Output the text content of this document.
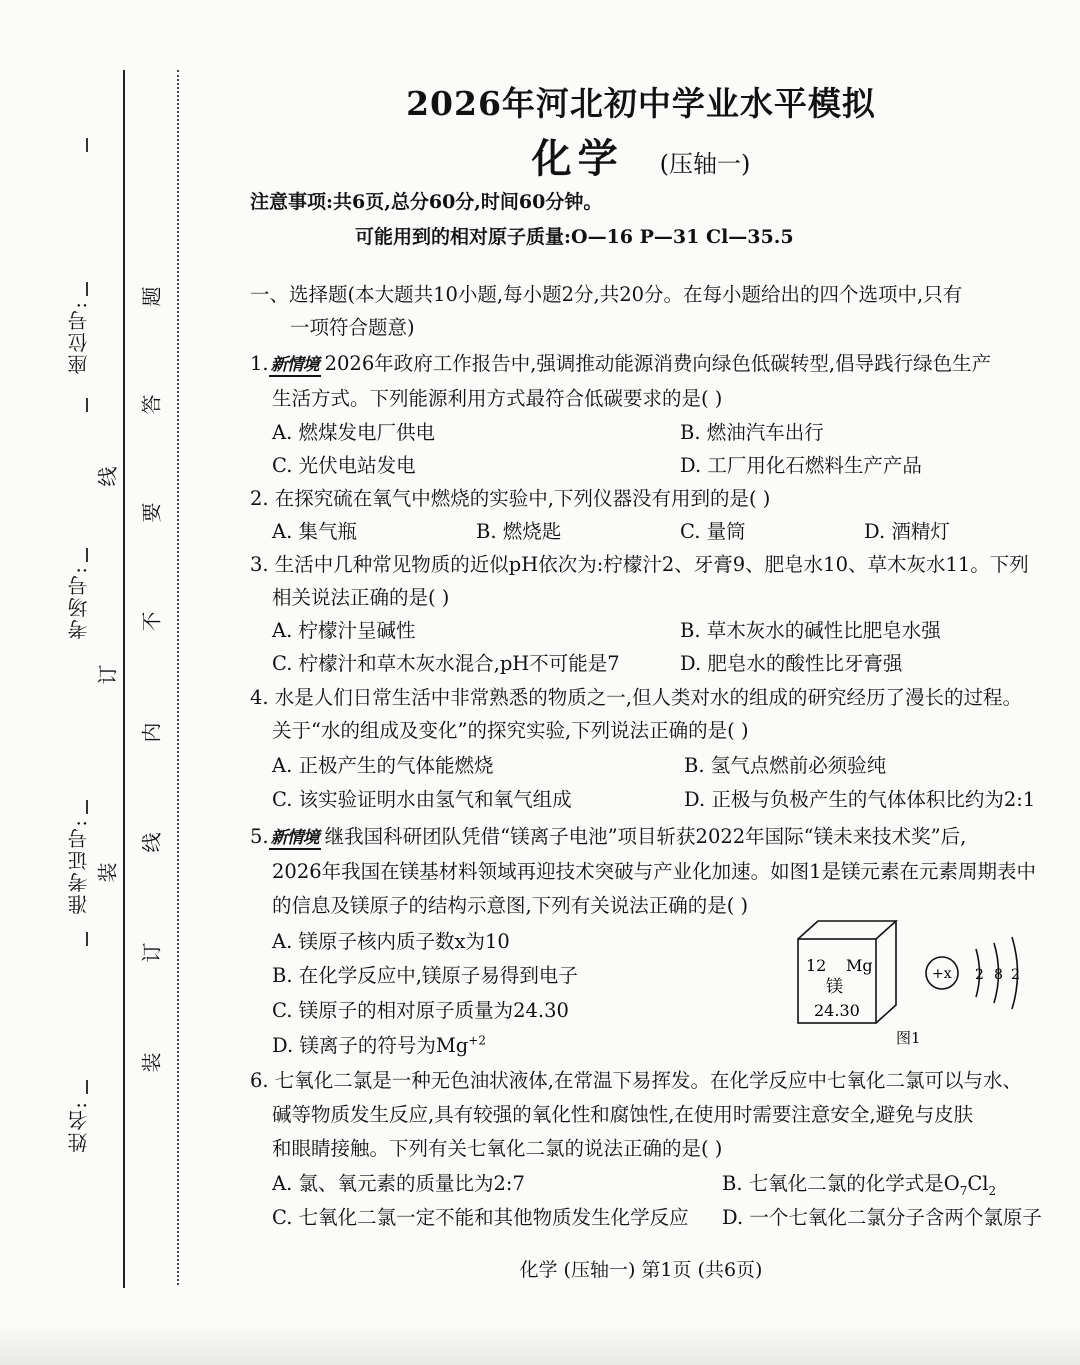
座位号:
线
考场号:
订
准考证号: 装
姓名:
题
答
要
不
内
线
订
装
2026年河北初中学业水平模拟
化学 (压轴一)
注意事项:共6页,总分60分,时间60分钟。
可能用到的相对原子质量:O—16 P—31 Cl—35.5
一、选择题(本大题共10小题,每小题2分,共20分。在每小题给出的四个选项中,只有
一项符合题意)
1. 新情境 2026年政府工作报告中,强调推动能源消费向绿色低碳转型,倡导践行绿色生产
生活方式。下列能源利用方式最符合低碳要求的是( )
A. 燃煤发电厂供电	B. 燃油汽车出行
C. 光伏电站发电	D. 工厂用化石燃料生产产品
2. 在探究硫在氧气中燃烧的实验中,下列仪器没有用到的是( )
A. 集气瓶	B. 燃烧匙	C. 量筒	D. 酒精灯
3. 生活中几种常见物质的近似pH依次为:柠檬汁2、牙膏9、肥皂水10、草木灰水11。下列
相关说法正确的是( )
A. 柠檬汁呈碱性	B. 草木灰水的碱性比肥皂水强
C. 柠檬汁和草木灰水混合,pH不可能是7	D. 肥皂水的酸性比牙膏强
4. 水是人们日常生活中非常熟悉的物质之一,但人类对水的组成的研究经历了漫长的过程。
关于“水的组成及变化”的探究实验,下列说法正确的是( )
A. 正极产生的气体能燃烧	B. 氢气点燃前必须验纯
C. 该实验证明水由氢气和氧气组成	D. 正极与负极产生的气体体积比约为2:1
5. 新情境 继我国科研团队凭借“镁离子电池”项目斩获2022年国际“镁未来技术奖”后,
2026年我国在镁基材料领域再迎技术突破与产业化加速。如图1是镁元素在元素周期表中
的信息及镁原子的结构示意图,下列有关说法正确的是( )
A. 镁原子核内质子数x为10
B. 在化学反应中,镁原子易得到电子
C. 镁原子的相对原子质量为24.30
D. 镁离子的符号为$Mg^{+2}$
12 Mg
镁
24.30
+x 2 8 2
图1
6. 七氧化二氯是一种无色油状液体,在常温下易挥发。在化学反应中七氧化二氯可以与水、
碱等物质发生反应,具有较强的氧化性和腐蚀性,在使用时需要注意安全,避免与皮肤
和眼睛接触。下列有关七氧化二氯的说法正确的是( )
A. 氯、氧元素的质量比为2:7	B. 七氧化二氯的化学式是$O_7Cl_2$
C. 七氧化二氯一定不能和其他物质发生化学反应 D. 一个七氧化二氯分子含两个氯原子
化学 (压轴一) 第1页 (共6页)
